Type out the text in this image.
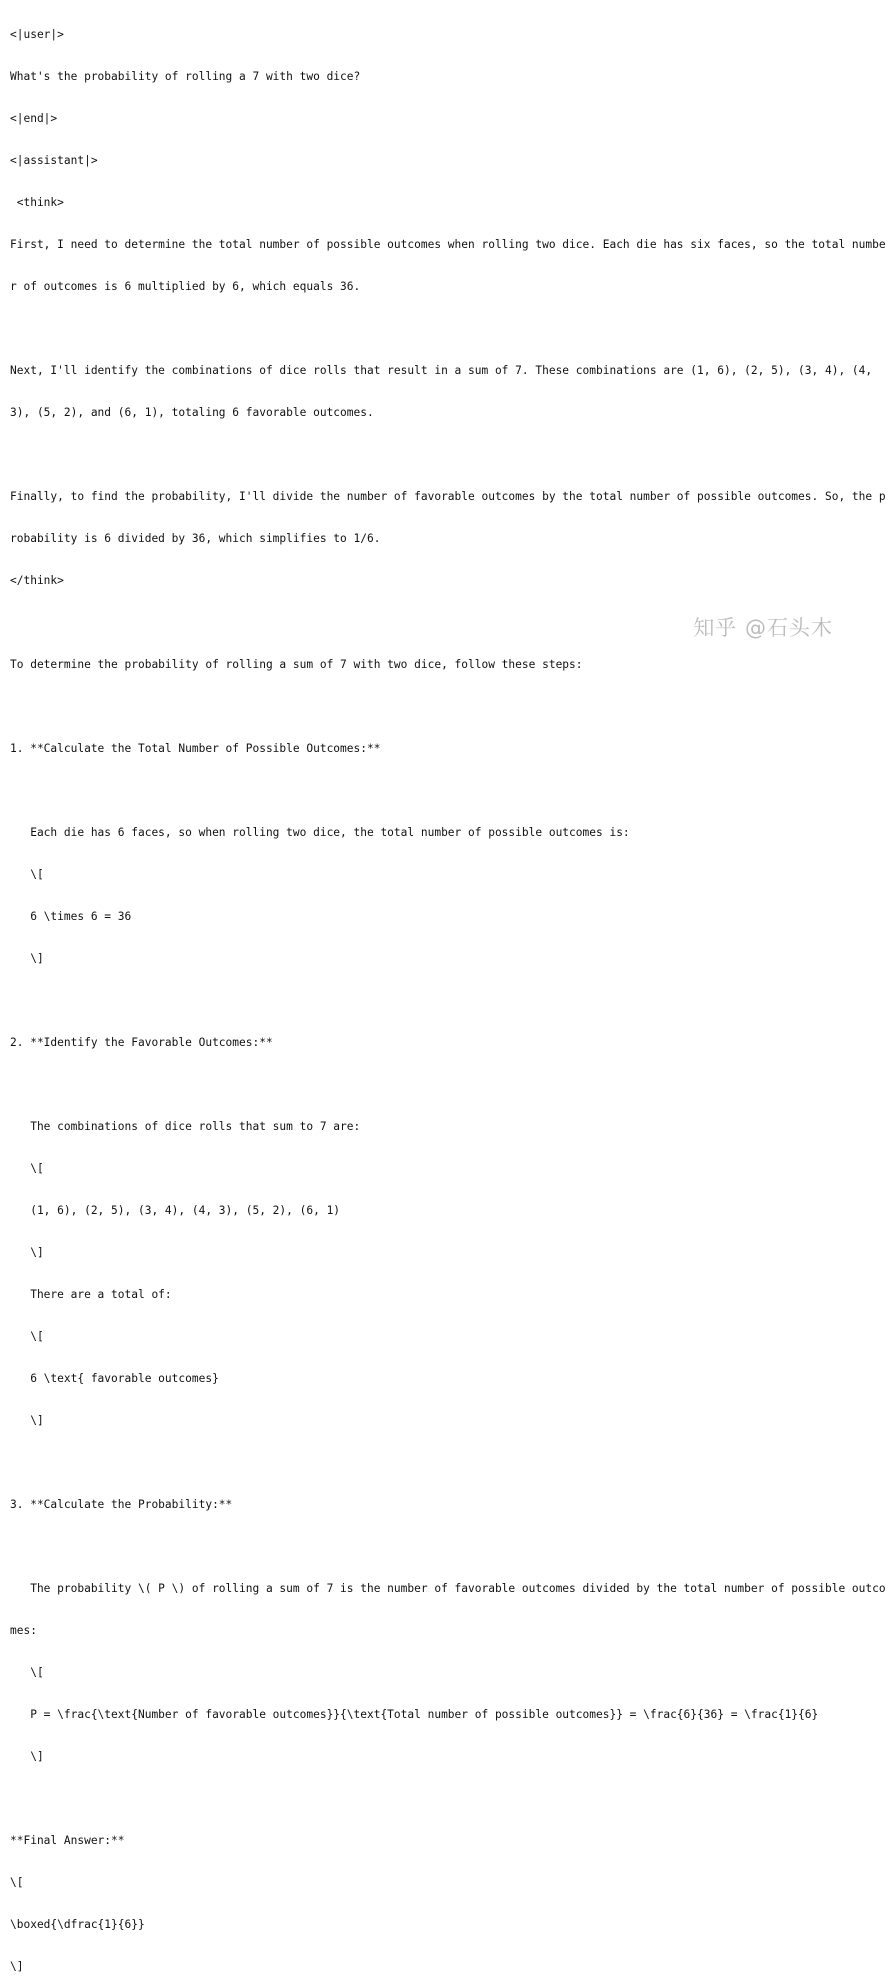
<|user|>

What's the probability of rolling a 7 with two dice?

<|end|>

<|assistant|>

<think>

First, I need to determine the total number of possible outcomes when rolling two dice. Each die has six faces, so the total numbe

r of outcomes is 6 multiplied by 6, which equals 36.

Next, I'll identify the combinations of dice rolls that result in a sum of 7. These combinations are (1, 6), (2, 5), (3, 4), (4,

3), (5, 2), and (6, 1), totaling 6 favorable outcomes.

Finally, to find the probability, I'll divide the number of favorable outcomes by the total number of possible outcomes. So, the p

robability is 6 divided by 36, which simplifies to 1/6.

</think>

To determine the probability of rolling a sum of 7 with two dice, follow these steps:

1. **Calculate the Total Number of Possible Outcomes:**

Each die has 6 faces, so when rolling two dice, the total number of possible outcomes is:

\[

6 \times 6 = 36

\]

2. **Identify the Favorable Outcomes:**

The combinations of dice rolls that sum to 7 are:

\[

(1, 6), (2, 5), (3, 4), (4, 3), (5, 2), (6, 1)

\]

There are a total of:

\[

6 \text{ favorable outcomes}

\]

3. **Calculate the Probability:**

The probability \( P \) of rolling a sum of 7 is the number of favorable outcomes divided by the total number of possible outco

mes:

\[

P = \frac{\text{Number of favorable outcomes}}{\text{Total number of possible outcomes}} = \frac{6}{36} = \frac{1}{6}

\]

**Final Answer:**

\[

\boxed{\dfrac{1}{6}}

\]

知乎 @石头木
